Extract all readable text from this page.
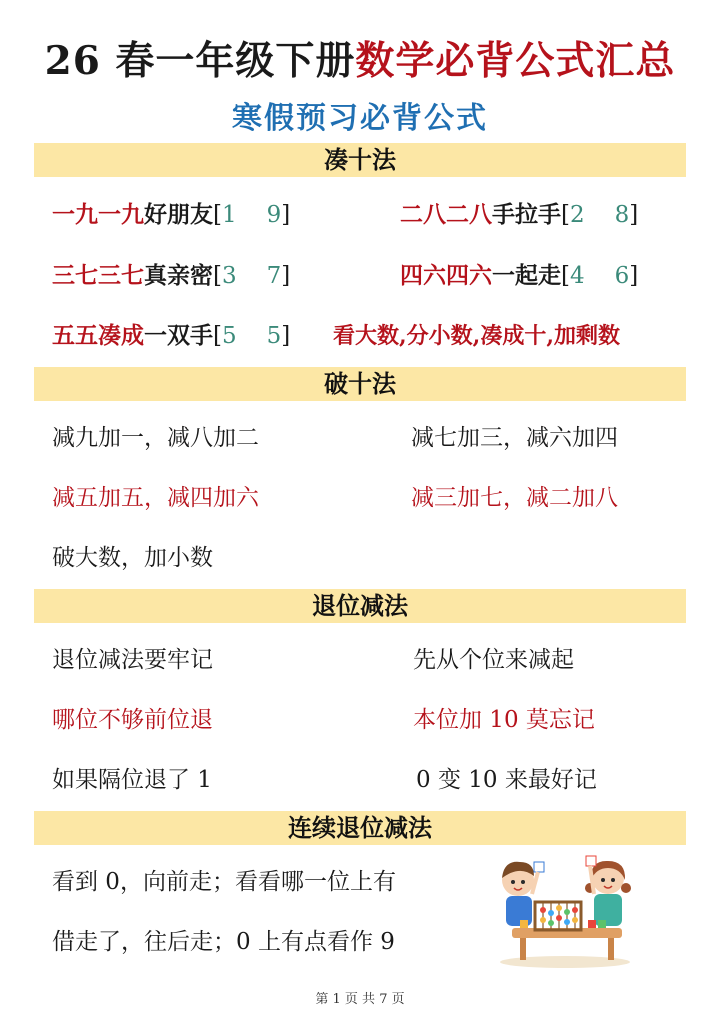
26 春一年级下册数学必背公式汇总
寒假预习必背公式
凑十法
一九一九好朋友[1 9]	二八二八手拉手[2 8]
三七三七真亲密[3 7]	四六四六一起走[4 6]
五五凑成一双手[5 5] 看大数,分小数,凑成十,加剩数
破十法
减九加一，减八加二	减七加三，减六加四
减五加五，减四加六	减三加七，减二加八
破大数，加小数
退位减法
退位减法要牢记	先从个位来减起
哪位不够前位退	本位加 10 莫忘记
如果隔位退了 1	0 变 10 来最好记
连续退位减法
看到 0，向前走；看看哪一位上有
借走了，往后走；0 上有点看作 9
第 1 页 共 7 页
